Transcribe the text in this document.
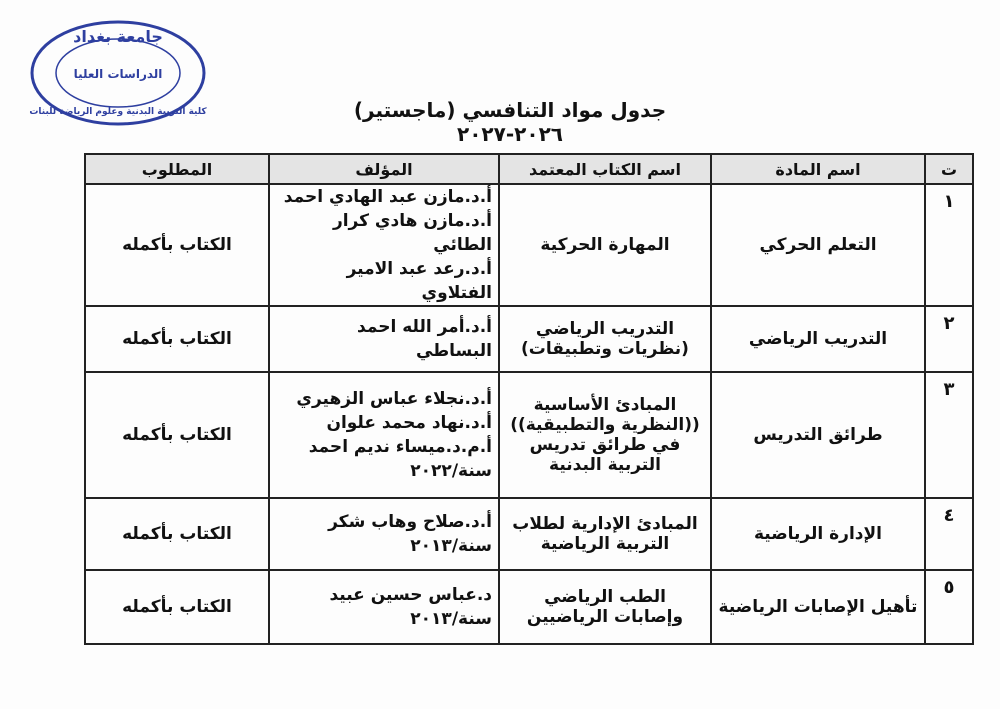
جامعة بغداد
الدراسات العليا
كلية التربية البدنية وعلوم الرياضة للبنات	جدول مواد التنافسي (ماجستير) ٢٠٢٦-٢٠٢٧
ت	اسم المادة	اسم الكتاب المعتمد	المؤلف	المطلوب
١	التعلم الحركي	المهارة الحركية	أ.د.مازن عبد الهادي احمد
أ.د.مازن هادي كرار الطائي
أ.د.رعد عبد الامير الفتلاوي	الكتاب بأكمله
٢	التدريب الرياضي	التدريب الرياضي
(نظريات وتطبيقات)	أ.د.أمر الله احمد البساطي	الكتاب بأكمله
٣	طرائق التدريس	المبادئ الأساسية
((النظرية والتطبيقية))
في طرائق تدريس
التربية البدنية	أ.د.نجلاء عباس الزهيري
أ.د.نهاد محمد علوان
أ.م.د.ميساء نديم احمد
سنة/٢٠٢٢	الكتاب بأكمله
٤	الإدارة الرياضية	المبادئ الإدارية لطلاب
التربية الرياضية	أ.د.صلاح وهاب شكر
سنة/٢٠١٣	الكتاب بأكمله
٥	تأهيل الإصابات الرياضية	الطب الرياضي
وإصابات الرياضيين	د.عباس حسين عبيد
سنة/٢٠١٣	الكتاب بأكمله
